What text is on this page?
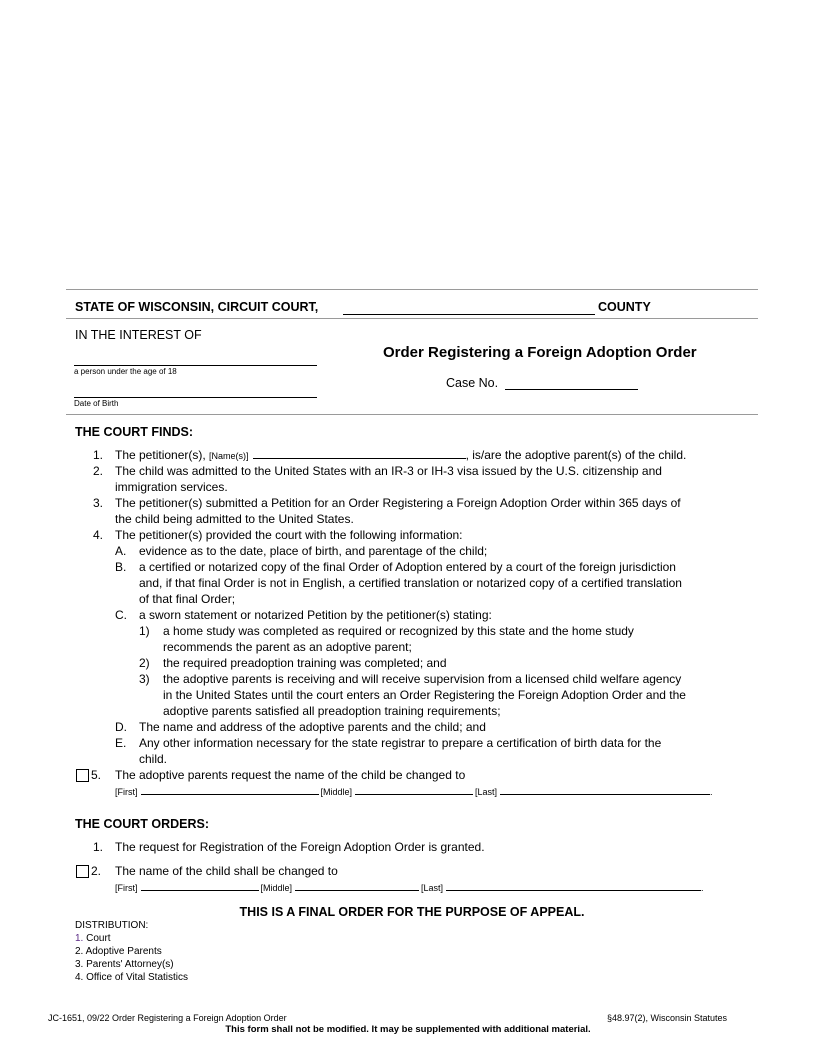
STATE OF WISCONSIN, CIRCUIT COURT,	COUNTY
IN THE INTEREST OF
a person under the age of 18
Date of Birth
Order Registering a Foreign Adoption Order
Case No.
THE COURT FINDS:
1. The petitioner(s), [Name(s)]	, is/are the adoptive parent(s) of the child.
2. The child was admitted to the United States with an IR-3 or IH-3 visa issued by the U.S. citizenship and
immigration services.
3. The petitioner(s) submitted a Petition for an Order Registering a Foreign Adoption Order within 365 days of
the child being admitted to the United States.
4. The petitioner(s) provided the court with the following information:
A. evidence as to the date, place of birth, and parentage of the child;
B. a certified or notarized copy of the final Order of Adoption entered by a court of the foreign jurisdiction
and, if that final Order is not in English, a certified translation or notarized copy of a certified translation
of that final Order;
C. a sworn statement or notarized Petition by the petitioner(s) stating:
1) a home study was completed as required or recognized by this state and the home study
recommends the parent as an adoptive parent;
2) the required preadoption training was completed; and
3) the adoptive parents is receiving and will receive supervision from a licensed child welfare agency
in the United States until the court enters an Order Registering the Foreign Adoption Order and the
adoptive parents satisfied all preadoption training requirements;
D. The name and address of the adoptive parents and the child; and
E. Any other information necessary for the state registrar to prepare a certification of birth data for the
child.
5. The adoptive parents request the name of the child be changed to
[First]	[Middle]	[Last]	.
THE COURT ORDERS:
1. The request for Registration of the Foreign Adoption Order is granted.
2. The name of the child shall be changed to
[First]	[Middle]	[Last]	.
THIS IS A FINAL ORDER FOR THE PURPOSE OF APPEAL.
DISTRIBUTION:
1. Court
2. Adoptive Parents
3. Parents' Attorney(s)
4. Office of Vital Statistics
JC-1651, 09/22 Order Registering a Foreign Adoption Order	§48.97(2), Wisconsin Statutes
This form shall not be modified. It may be supplemented with additional material.
